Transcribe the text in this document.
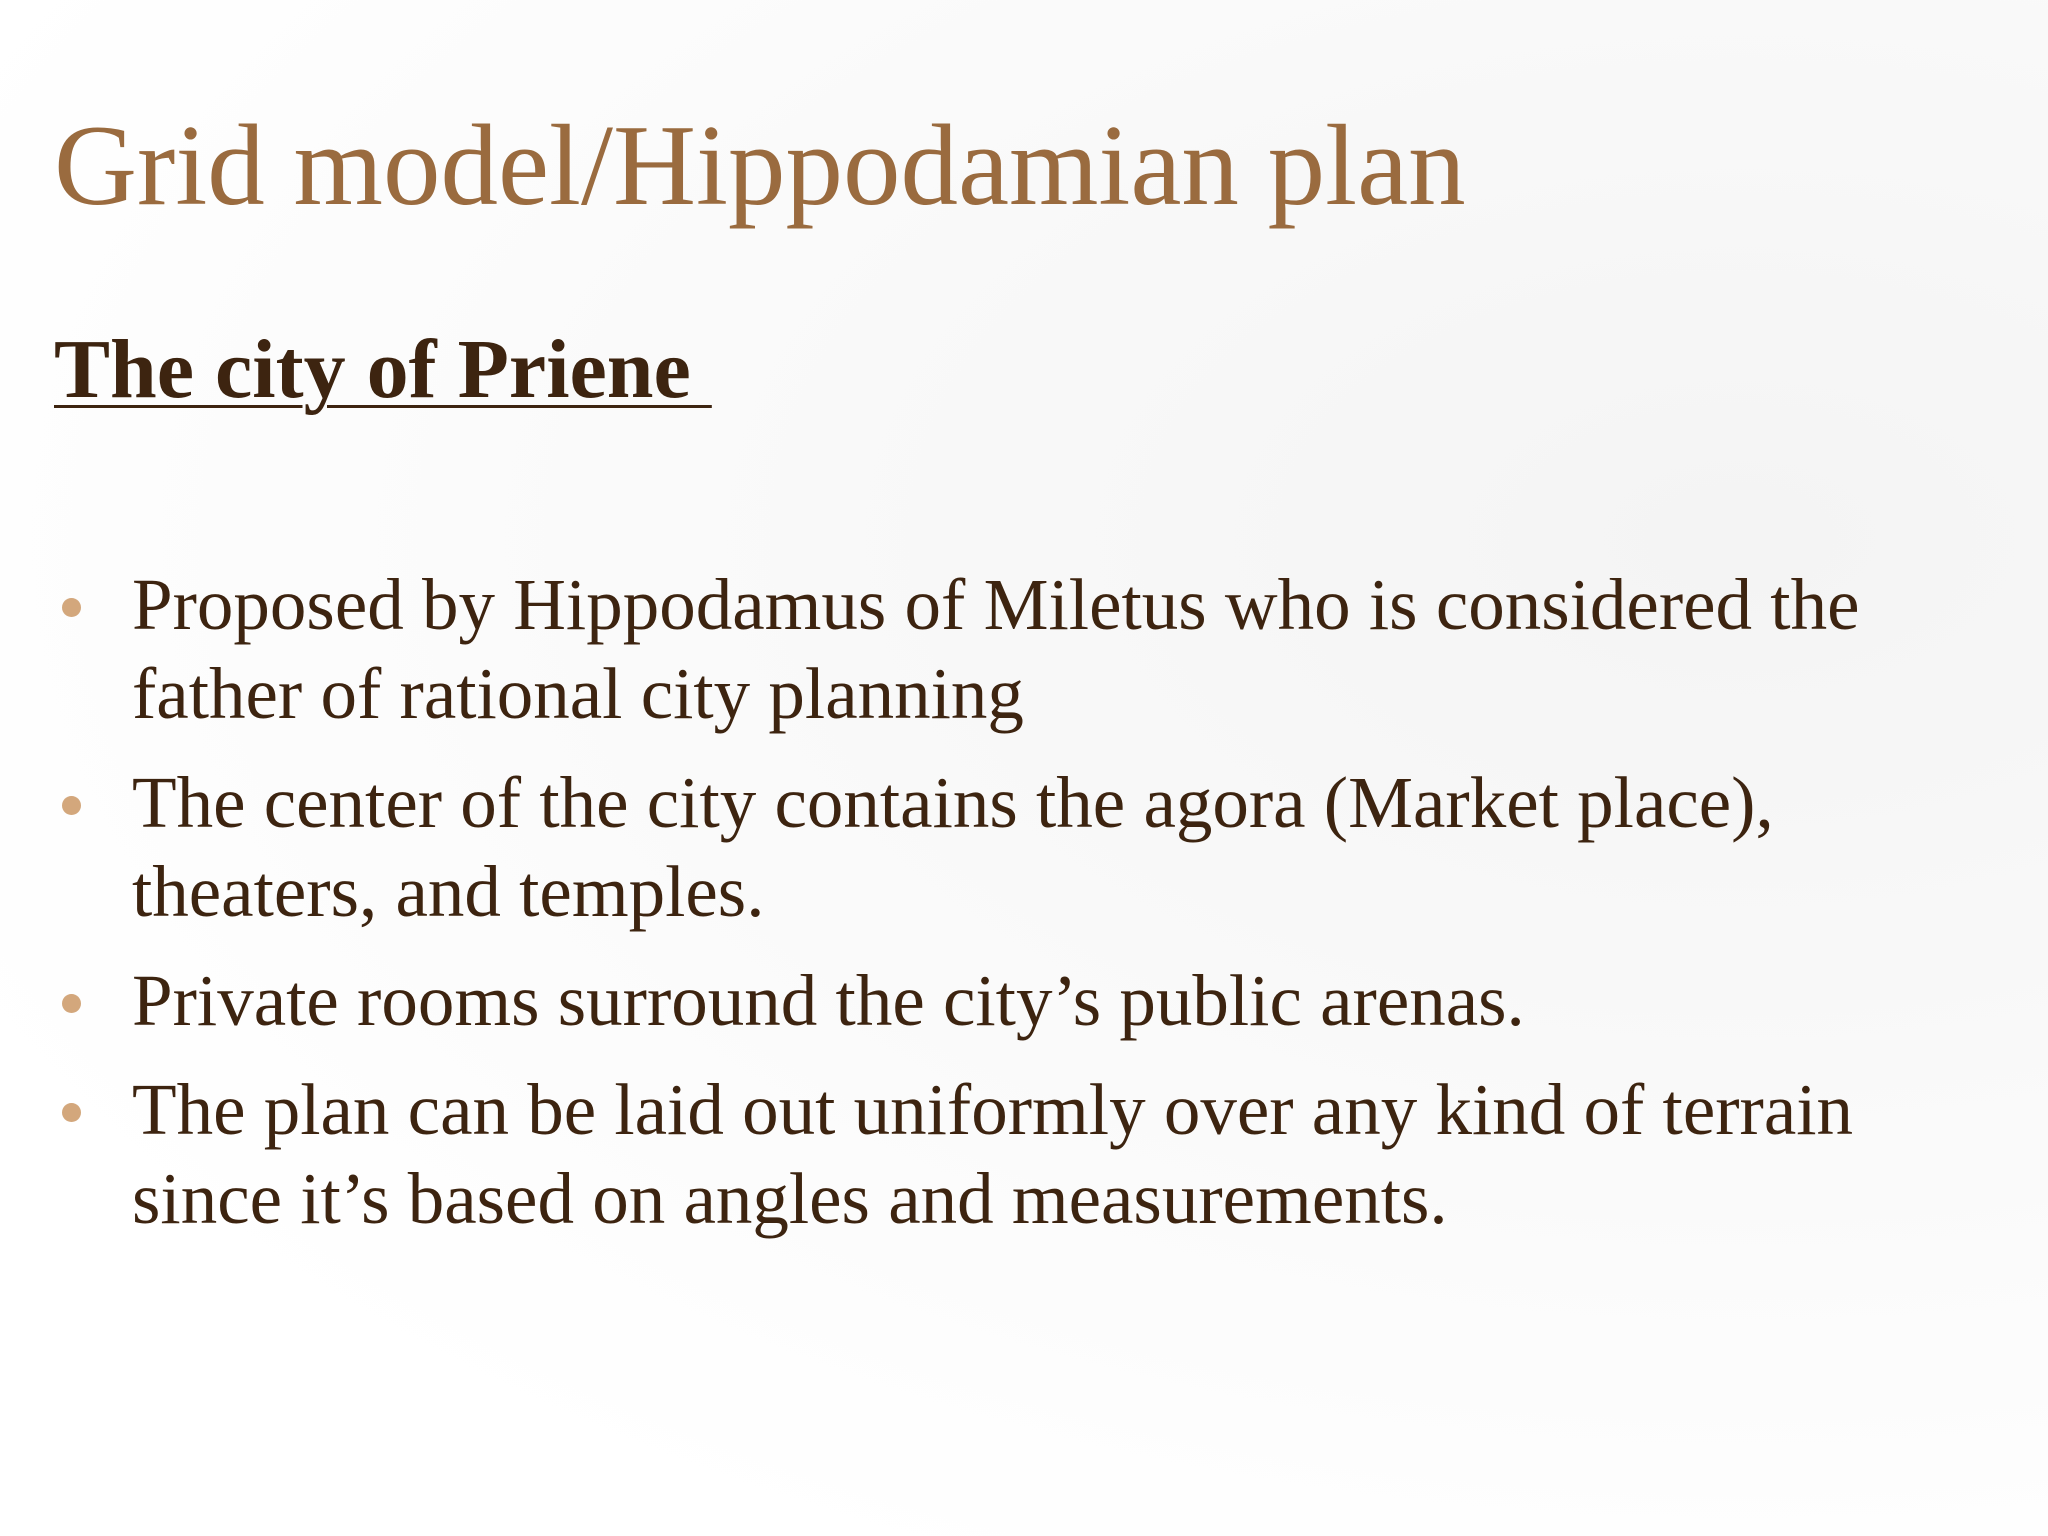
Grid model/Hippodamian plan
The city of Priene
Proposed by Hippodamus of Miletus who is considered the father of rational city planning
The center of the city contains the agora (Market place), theaters, and temples.
Private rooms surround the city’s public arenas.
The plan can be laid out uniformly over any kind of terrain since it’s based on angles and measurements.
